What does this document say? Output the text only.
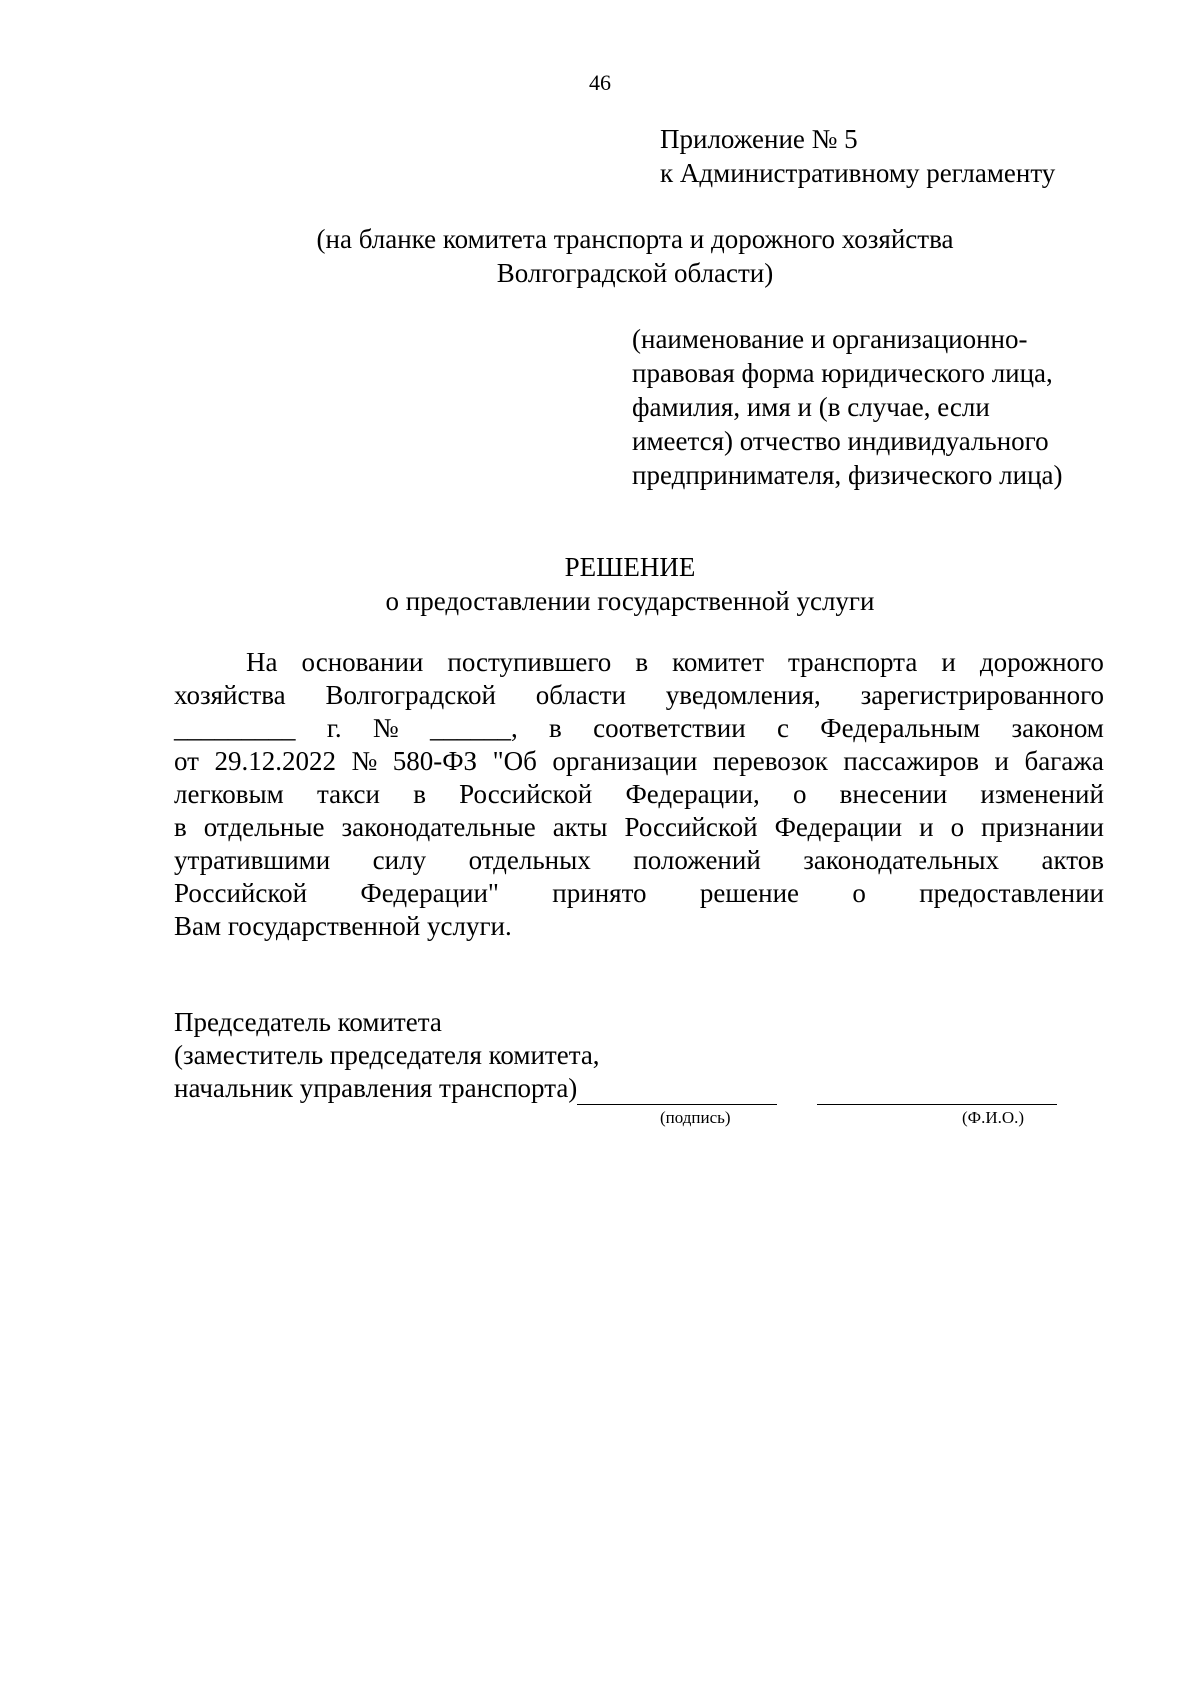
46
Приложение № 5
к Административному регламенту
(на бланке комитета транспорта и дорожного хозяйства
Волгоградской области)
(наименование и организационно-
правовая форма юридического лица,
фамилия, имя и (в случае, если
имеется) отчество индивидуального
предпринимателя, физического лица)
РЕШЕНИЕ
о предоставлении государственной услуги
На основании поступившего в комитет транспорта и дорожного
хозяйства Волгоградской области уведомления, зарегистрированного
_________ г. № ______, в соответствии с Федеральным законом
от 29.12.2022 № 580-ФЗ "Об организации перевозок пассажиров и багажа
легковым такси в Российской Федерации, о внесении изменений
в отдельные законодательные акты Российской Федерации и о признании
утратившими силу отдельных положений законодательных актов
Российской Федерации" принято решение о предоставлении
Вам государственной услуги.
Председатель комитета
(заместитель председателя комитета,
начальник управления транспорта)
(подпись)	(Ф.И.О.)
